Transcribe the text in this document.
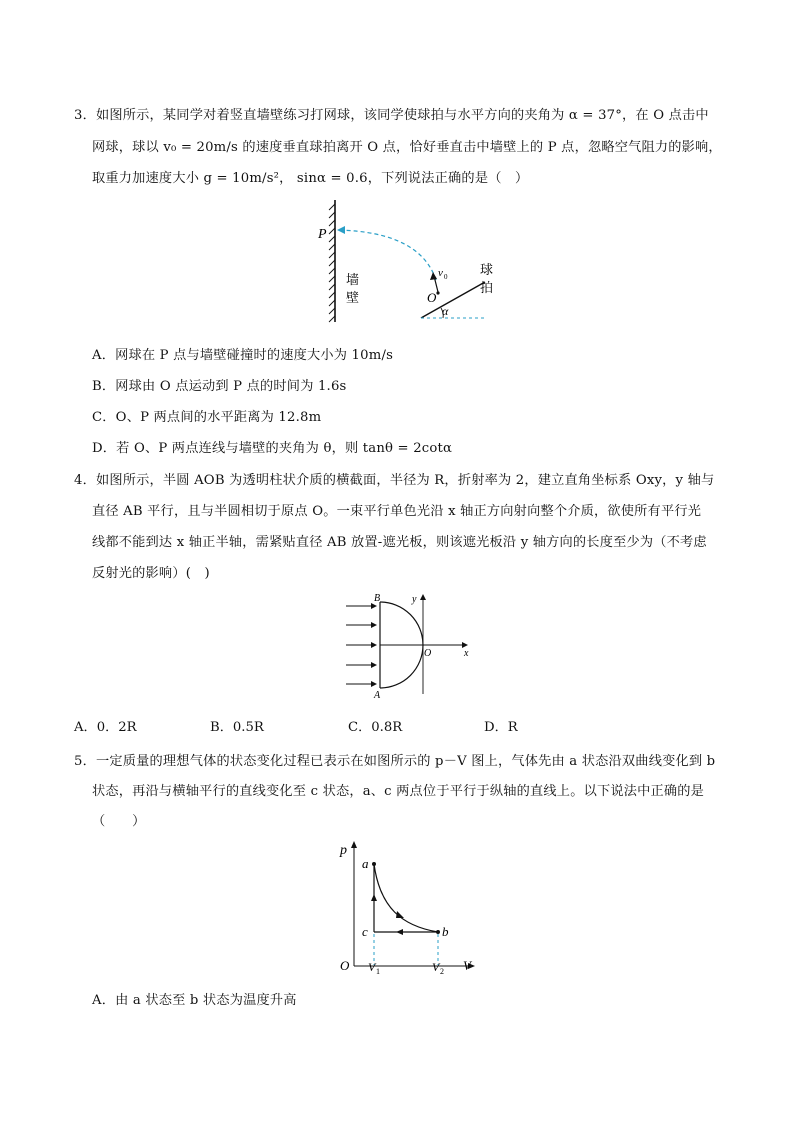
3．如图所示，某同学对着竖直墙壁练习打网球，该同学使球拍与水平方向的夹角为 α = 37°，在 O 点击中
网球，球以 v₀ = 20m/s 的速度垂直球拍离开 O 点，恰好垂直击中墙壁上的 P 点，忽略空气阻力的影响，
取重力加速度大小 g = 10m/s²， sinα = 0.6，下列说法正确的是（　）
P
墙
壁
v 0
O
α
球
拍
A．网球在 P 点与墙壁碰撞时的速度大小为 10m/s
B．网球由 O 点运动到 P 点的时间为 1.6s
C．O、P 两点间的水平距离为 12.8m
D．若 O、P 两点连线与墙壁的夹角为 θ，则 tanθ = 2cotα
4．如图所示，半圆 AOB 为透明柱状介质的横截面，半径为 R，折射率为 2，建立直角坐标系 Oxy，y 轴与
直径 AB 平行，且与半圆相切于原点 O。一束平行单色光沿 x 轴正方向射向整个介质，欲使所有平行光
线都不能到达 x 轴正半轴，需紧贴直径 AB 放置-遮光板，则该遮光板沿 y 轴方向的长度至少为（不考虑
反射光的影响）(　)
B
A
O	x
y
A．0．2R	B．0.5R	C．0.8R	D．R
5．一定质量的理想气体的状态变化过程已表示在如图所示的 p－V 图上，气体先由 a 状态沿双曲线变化到 b
状态，再沿与横轴平行的直线变化至 c 状态，a、c 两点位于平行于纵轴的直线上。以下说法中正确的是
（　　）
p
V
O
a
b
c
V 1	V 2
A．由 a 状态至 b 状态为温度升高
